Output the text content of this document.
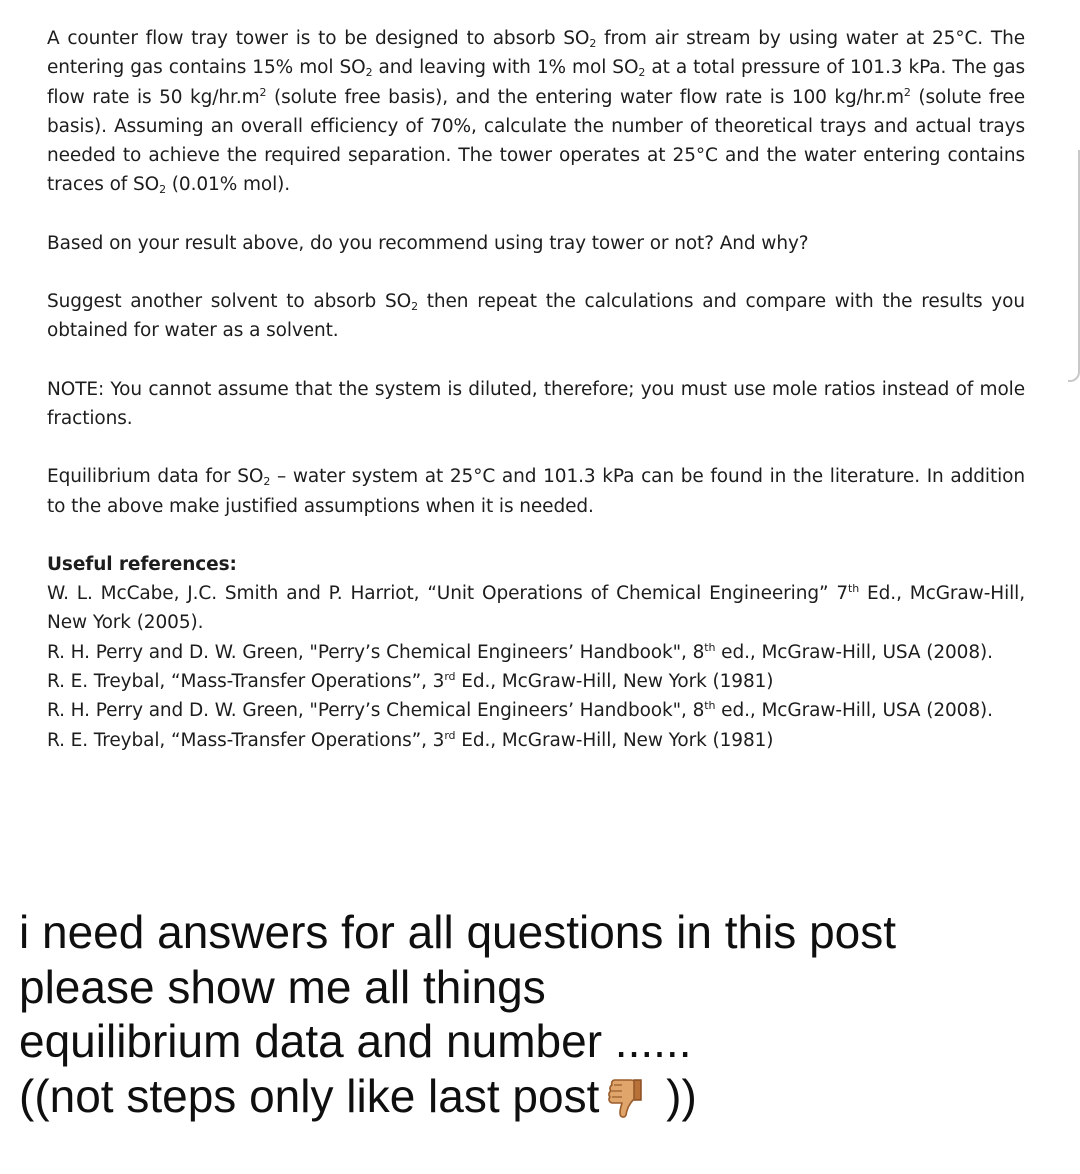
A counter flow tray tower is to be designed to absorb $SO_2$ from air stream by using water at 25°C. The entering gas contains 15% mol $SO_2$ and leaving with 1% mol $SO_2$ at a total pressure of 101.3 kPa. The gas flow rate is 50 $kg/hr.m^2$ (solute free basis), and the entering water flow rate is 100 $kg/hr.m^2$ (solute free basis). Assuming an overall efficiency of 70%, calculate the number of theoretical trays and actual trays needed to achieve the required separation. The tower operates at 25°C and the water entering contains traces of $SO_2$ (0.01% mol).

Based on your result above, do you recommend using tray tower or not? And why?

Suggest another solvent to absorb $SO_2$ then repeat the calculations and compare with the results you obtained for water as a solvent.

NOTE: You cannot assume that the system is diluted, therefore; you must use mole ratios instead of mole fractions.

Equilibrium data for $SO_2$ – water system at 25°C and 101.3 kPa can be found in the literature. In addition to the above make justified assumptions when it is needed.

Useful references:

W. L. McCabe, J.C. Smith and P. Harriot, “Unit Operations of Chemical Engineering” 7th Ed., McGraw-Hill, New York (2005).

R. H. Perry and D. W. Green, "Perry’s Chemical Engineers’ Handbook", 8th ed., McGraw-Hill, USA (2008).

R. E. Treybal, “Mass-Transfer Operations”, 3rd Ed., McGraw-Hill, New York (1981)

R. H. Perry and D. W. Green, "Perry’s Chemical Engineers’ Handbook", 8th ed., McGraw-Hill, USA (2008).

R. E. Treybal, “Mass-Transfer Operations”, 3rd Ed., McGraw-Hill, New York (1981)

i need answers for all questions in this post

please show me all things

equilibrium data and number ......

((not steps only like last post ))
